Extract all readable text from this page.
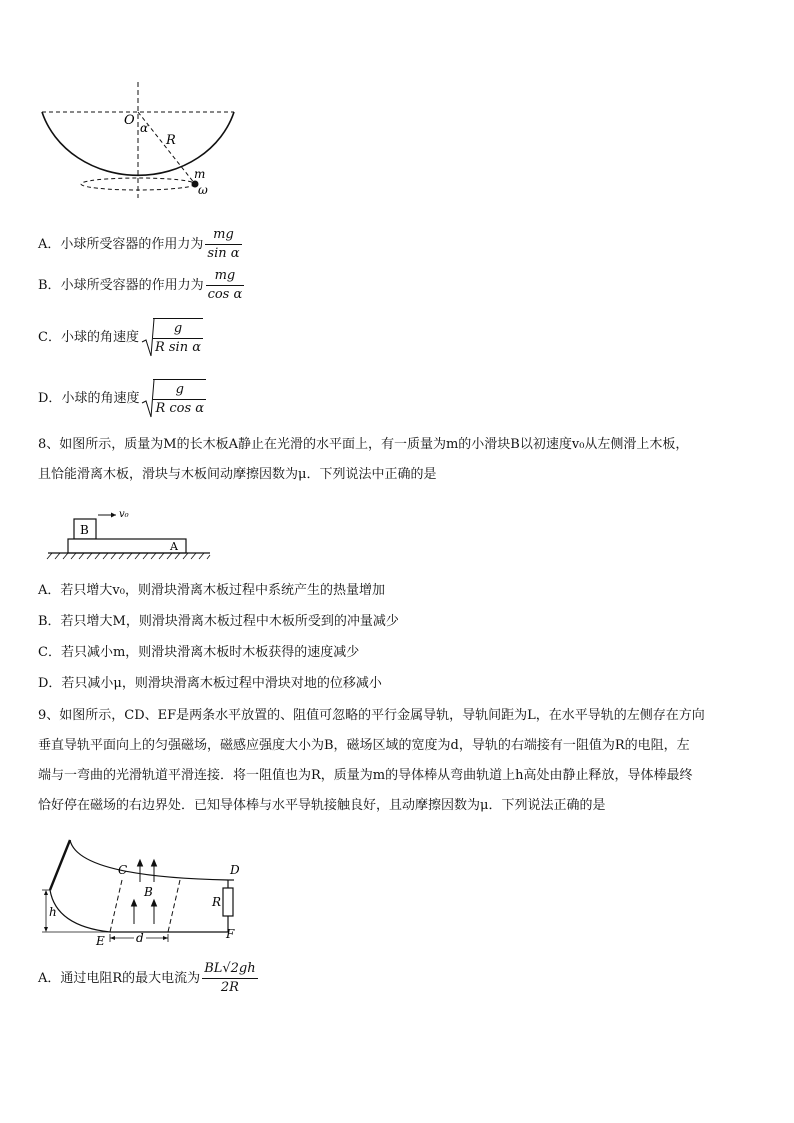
O α
R
m
ω
A．小球所受容器的作用力为 $\frac{mg}{\text{sin α}}$
B．小球所受容器的作用力为 $\frac{mg}{\text{cos α}}$
C．小球的角速度 $\frac{g}{\text{R sin α}}$
D．小球的角速度 $\frac{g}{\text{R cos α}}$
8、如图所示，质量为M的长木板A静止在光滑的水平面上，有一质量为m的小滑块B以初速度v₀从左侧滑上木板，
且恰能滑离木板，滑块与木板间动摩擦因数为μ．下列说法中正确的是
B
A
v₀
A．若只增大v₀，则滑块滑离木板过程中系统产生的热量增加
B．若只增大M，则滑块滑离木板过程中木板所受到的冲量减少
C．若只减小m，则滑块滑离木板时木板获得的速度减少
D．若只减小μ，则滑块滑离木板过程中滑块对地的位移减小
9、如图所示，CD、EF是两条水平放置的、阻值可忽略的平行金属导轨，导轨间距为L，在水平导轨的左侧存在方向
垂直导轨平面向上的匀强磁场，磁感应强度大小为B，磁场区域的宽度为d，导轨的右端接有一阻值为R的电阻，左
端与一弯曲的光滑轨道平滑连接．将一阻值也为R，质量为m的导体棒从弯曲轨道上h高处由静止释放，导体棒最终
恰好停在磁场的右边界处．已知导体棒与水平导轨接触良好，且动摩擦因数为μ．下列说法正确的是
C	D
B
R
h
E	F
d
A．通过电阻R的最大电流为 $\frac{BL√2gh}{2R}$
